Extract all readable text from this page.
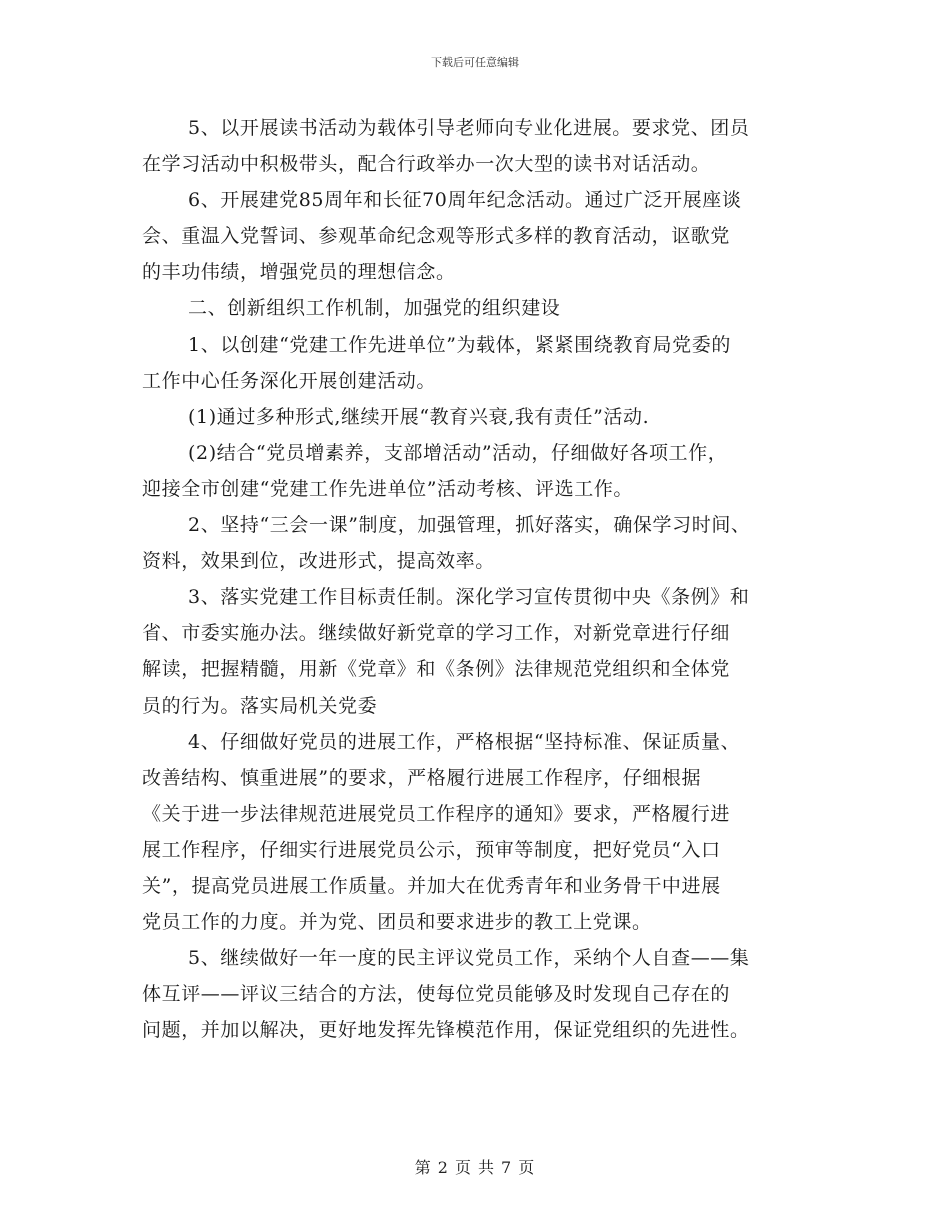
下载后可任意编辑
5、以开展读书活动为载体引导老师向专业化进展。要求党、团员
在学习活动中积极带头，配合行政举办一次大型的读书对话活动。
6、开展建党85周年和长征70周年纪念活动。通过广泛开展座谈
会、重温入党誓词、参观革命纪念观等形式多样的教育活动，讴歌党
的丰功伟绩，增强党员的理想信念。
二、创新组织工作机制，加强党的组织建设
1、以创建“党建工作先进单位”为载体，紧紧围绕教育局党委的
工作中心任务深化开展创建活动。
(1)通过多种形式,继续开展“教育兴衰,我有责任”活动.
(2)结合“党员增素养，支部增活动”活动，仔细做好各项工作，
迎接全市创建“党建工作先进单位”活动考核、评选工作。
2、坚持“三会一课”制度，加强管理，抓好落实，确保学习时间、
资料，效果到位，改进形式，提高效率。
3、落实党建工作目标责任制。深化学习宣传贯彻中央《条例》和
省、市委实施办法。继续做好新党章的学习工作，对新党章进行仔细
解读，把握精髓，用新《党章》和《条例》法律规范党组织和全体党
员的行为。落实局机关党委
4、仔细做好党员的进展工作，严格根据“坚持标准、保证质量、
改善结构、慎重进展”的要求，严格履行进展工作程序，仔细根据
《关于进一步法律规范进展党员工作程序的通知》要求，严格履行进
展工作程序，仔细实行进展党员公示，预审等制度，把好党员“入口
关”，提高党员进展工作质量。并加大在优秀青年和业务骨干中进展
党员工作的力度。并为党、团员和要求进步的教工上党课。
5、继续做好一年一度的民主评议党员工作，采纳个人自查——集
体互评——评议三结合的方法，使每位党员能够及时发现自己存在的
问题，并加以解决，更好地发挥先锋模范作用，保证党组织的先进性。
第 2 页 共 7 页
